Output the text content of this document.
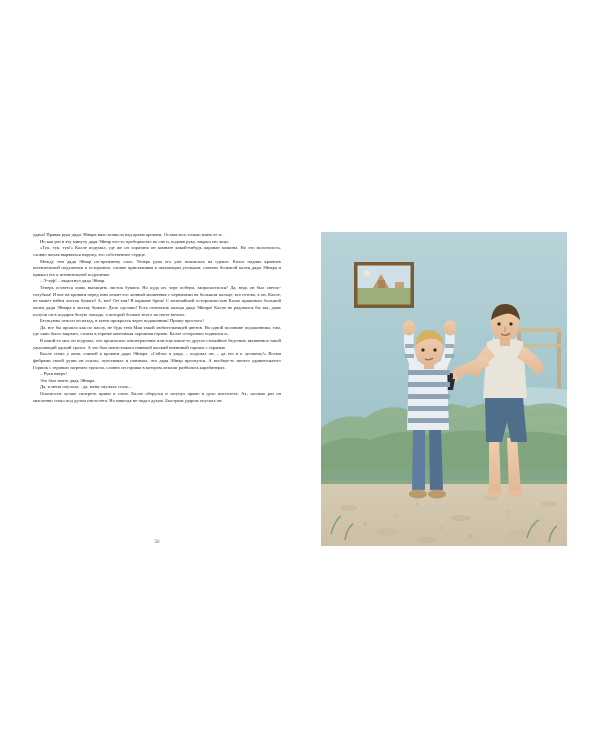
удача! Правая рука дяди Эйнара вяло повисла над краем кровати. Оставалось только взять ее и...

Но как раз в эту минуту дядя Эйнар что-то пробормотал во сне и, подняв руку, закрыл ею лицо.

«Тук, тук, тук!» Калле подумал, где же он спрятана он комнате какой-нибудь парован машина. Но это молотилось, словно желая вырваться наружу, его собственное сердце.

Между тем дядя Эйнар по-прежнему спал. Теперь рука его уже покоилась на одеяле. Калле поднял краешек штемпельной подушечки и осторожно, словно приглаживая к пылающим уголькам, схватил большой палец дяди Эйнара и прижал его к штемпельной подушечке.

– Э-эуф! – выдохнул дядя Эйнар.

Теперь остается лишь вытащить листок бумаги. Но куда он, черт побери, запропастился? Да, ведь он был светло-голубым! И вот на кровати перед ним лежит его личный мошенник с чернилами на большом пальце, все готово, а он, Калле, не может найти листок бумаги! А, вот! Он там! В кармане брюк! С величайшей осторожностью Калле прижимал большой палец дяди Эйнара к листку бумаги. Дело сделано! Есть отпечаток пальца дяди Эйнара! Калле не радовался бы так, даже получи он в подарок белую лошадь, о которой больше всего на свете мечтал.

Бесшумно отполз он назад, в затем прокрался через подоконник! Проще простого!

Да, все бы прошло как по маслу, не будь тетя Мия такой любительницей цветов. На одной половине подоконника, там, где окно было закрыто, стояла в горшке маленькая скромная герань. Калле осторожно поднялся и...

В какой-то миг он подумал, что произошло землетрясение или еще какое-то другое стихийное бедствие, вызванное такой ужасающий адский грохот. А это был некто-накого наивной жалкий невинный горшок с геранью.

Калле стоял у окна, спиной к кровати дяди Эйнара. «Сейчас я умру, – подумал он, – да это и к лучшему!» Всеми фибрами своей души он осязал, чувствовал и понимал, что дядя Эйнар проснулся. А вообще-то ничего удивительного Горшок с геранью загремел грохоча, словно он горшка в котором лежали разбились карабинерах.

– Руки вверх!

Это был некто дядя Эйнара.

Да, и меня смучала... да, меня смучала сталь...

Опасности лучше смотреть прямо в глаза. Калле оберулся и засунул прямо в дуло пистолета. Ах, сколько раз он мысленно стоял под дулом пистолета. Но никогда не падал духом. Быстрым ударом опускал он

56
